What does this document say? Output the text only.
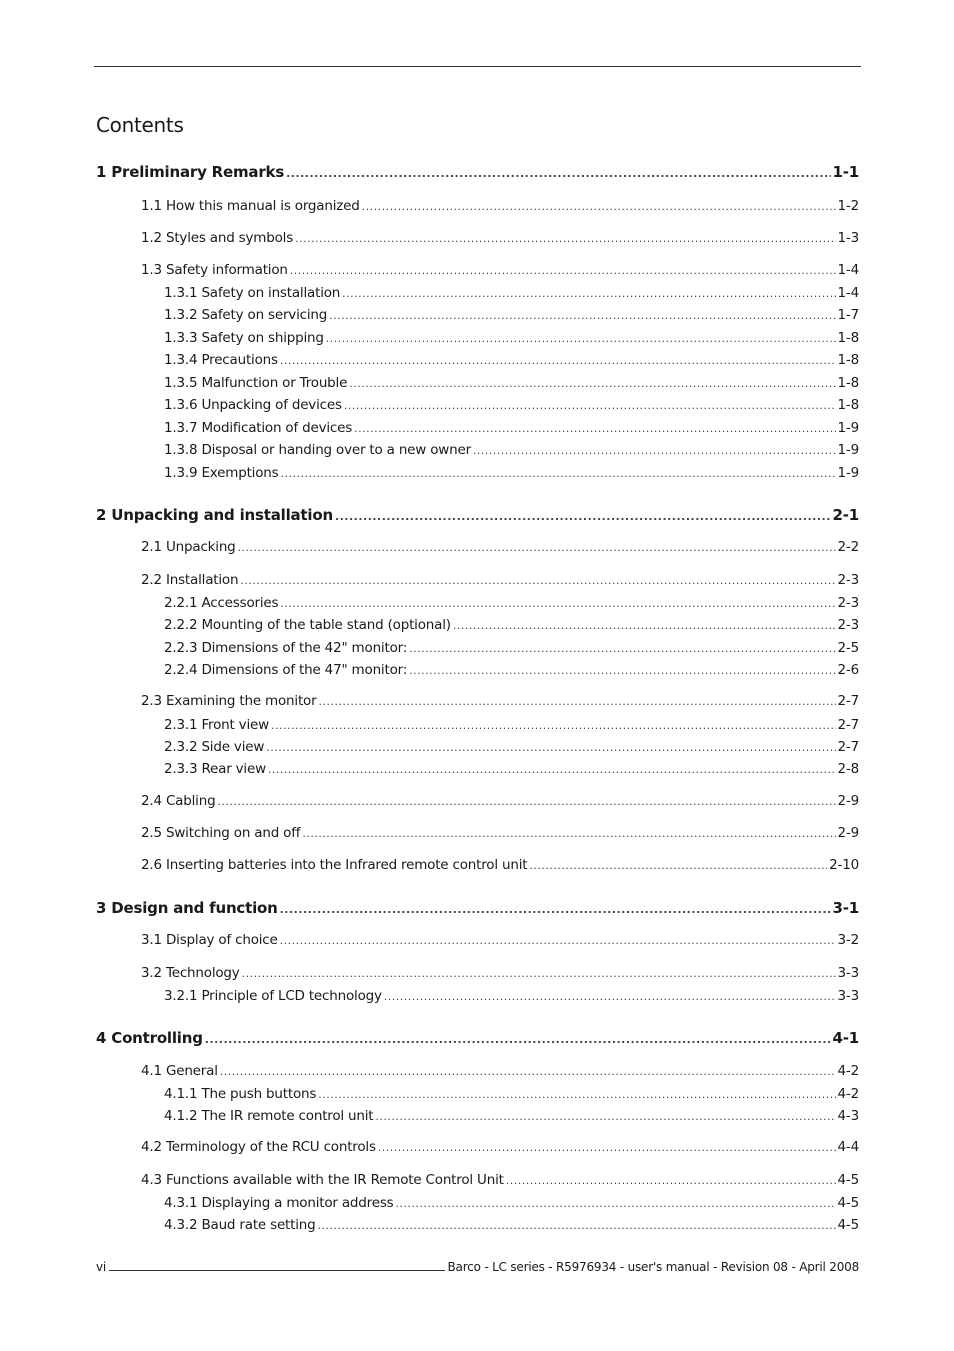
Contents
1 Preliminary Remarks .....	1-1
1.1 How this manual is organized .....	1-2
1.2 Styles and symbols .....	1-3
1.3 Safety information .....	1-4
1.3.1 Safety on installation .....	1-4
1.3.2 Safety on servicing .....	1-7
1.3.3 Safety on shipping .....	1-8
1.3.4 Precautions .....	1-8
1.3.5 Malfunction or Trouble .....	1-8
1.3.6 Unpacking of devices .....	1-8
1.3.7 Modification of devices .....	1-9
1.3.8 Disposal or handing over to a new owner .....	1-9
1.3.9 Exemptions .....	1-9
2 Unpacking and installation .....	2-1
2.1 Unpacking .....	2-2
2.2 Installation .....	2-3
2.2.1 Accessories .....	2-3
2.2.2 Mounting of the table stand (optional) .....	2-3
2.2.3 Dimensions of the 42" monitor: .....	2-5
2.2.4 Dimensions of the 47" monitor: .....	2-6
2.3 Examining the monitor .....	2-7
2.3.1 Front view .....	2-7
2.3.2 Side view .....	2-7
2.3.3 Rear view .....	2-8
2.4 Cabling .....	2-9
2.5 Switching on and off .....	2-9
2.6 Inserting batteries into the Infrared remote control unit .....	2-10
3 Design and function .....	3-1
3.1 Display of choice .....	3-2
3.2 Technology .....	3-3
3.2.1 Principle of LCD technology .....	3-3
4 Controlling .....	4-1
4.1 General .....	4-2
4.1.1 The push buttons .....	4-2
4.1.2 The IR remote control unit .....	4-3
4.2 Terminology of the RCU controls .....	4-4
4.3 Functions available with the IR Remote Control Unit .....	4-5
4.3.1 Displaying a monitor address .....	4-5
4.3.2 Baud rate setting .....	4-5
vi	Barco - LC series - R5976934 - user's manual - Revision 08 - April 2008
